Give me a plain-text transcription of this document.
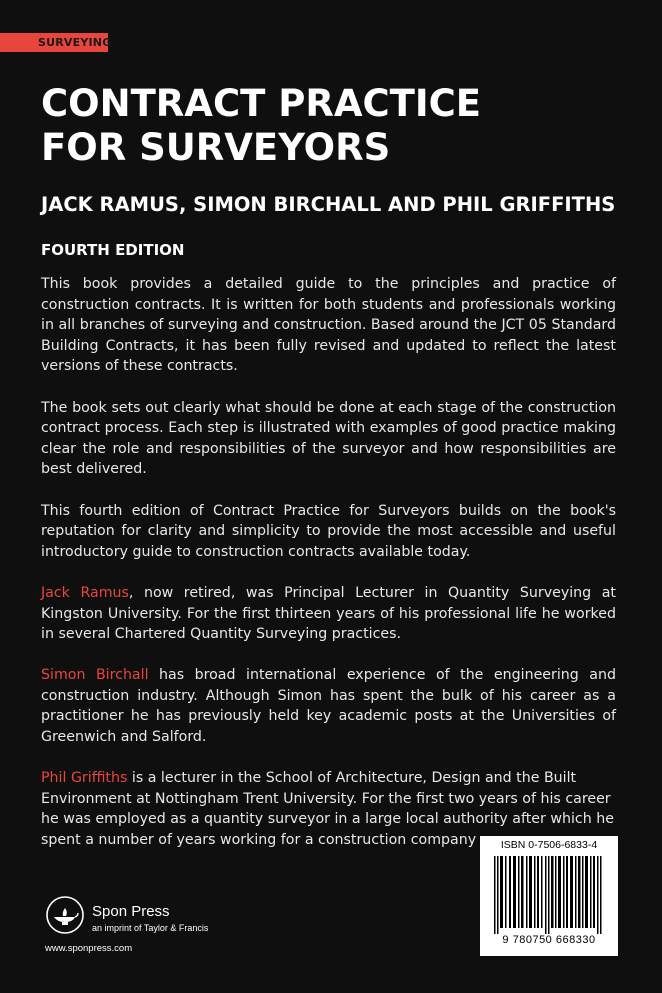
SURVEYING
CONTRACT PRACTICE
FOR SURVEYORS
JACK RAMUS, SIMON BIRCHALL AND PHIL GRIFFITHS
FOURTH EDITION

This book provides a detailed guide to the principles and practice of construction contracts. It is written for both students and professionals working in all branches of surveying and construction. Based around the JCT 05 Standard Building Contracts, it has been fully revised and updated to reflect the latest versions of these contracts.

The book sets out clearly what should be done at each stage of the construction contract process. Each step is illustrated with examples of good practice making clear the role and responsibilities of the surveyor and how responsibilities are best delivered.

This fourth edition of Contract Practice for Surveyors builds on the book's reputation for clarity and simplicity to provide the most accessible and useful introductory guide to construction contracts available today.

Jack Ramus, now retired, was Principal Lecturer in Quantity Surveying at Kingston University. For the first thirteen years of his professional life he worked in several Chartered Quantity Surveying practices.

Simon Birchall has broad international experience of the engineering and construction industry. Although Simon has spent the bulk of his career as a practitioner he has previously held key academic posts at the Universities of Greenwich and Salford.

Phil Griffiths is a lecturer in the School of Architecture, Design and the Built Environment at Nottingham Trent University. For the first two years of his career he was employed as a quantity surveyor in a large local authority after which he spent a number of years working for a construction company

Spon Press
an imprint of Taylor & Francis
www.sponpress.com
ISBN 0-7506-6833-4
9 780750 668330
